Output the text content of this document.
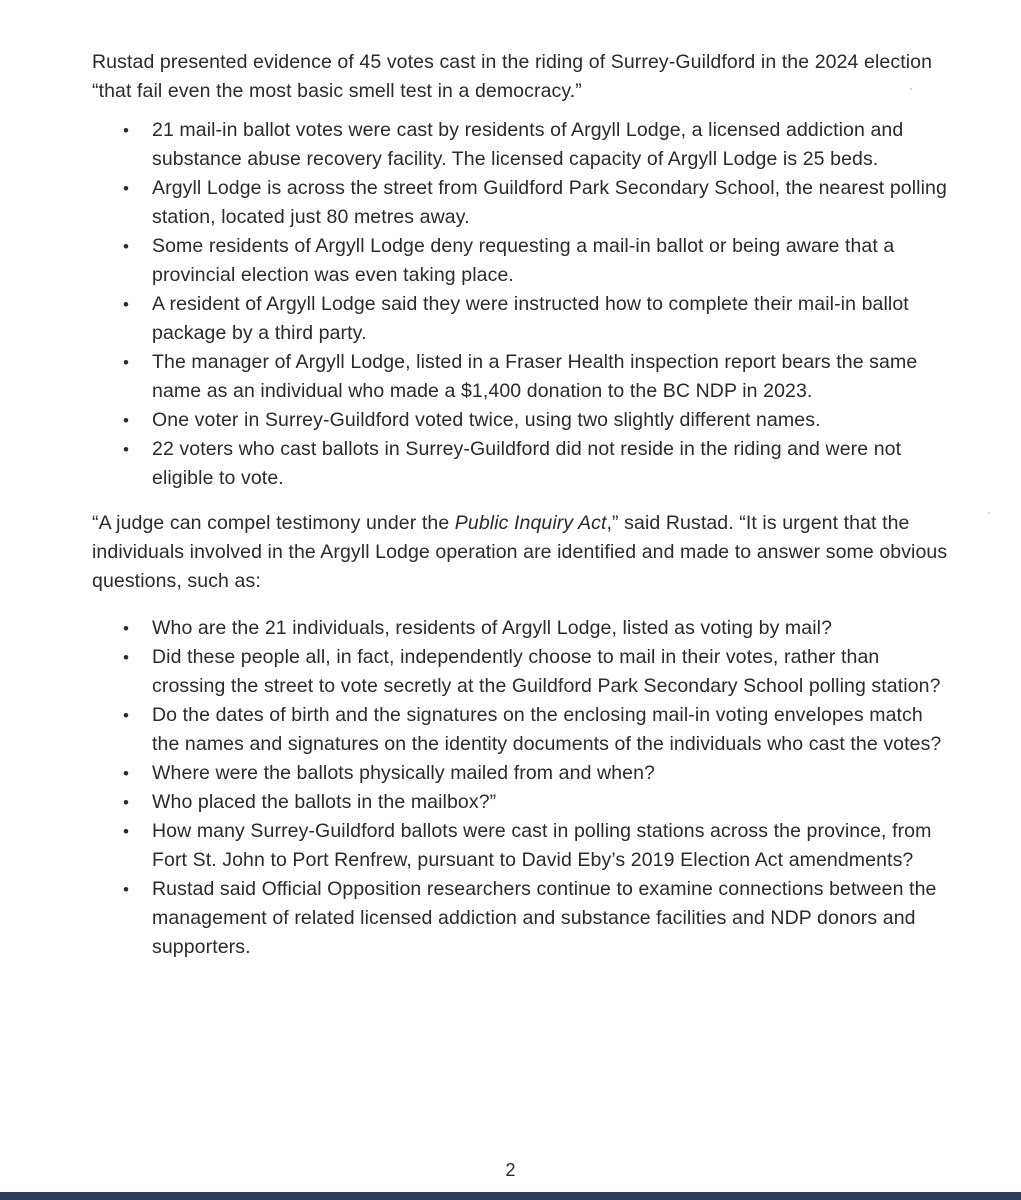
Rustad presented evidence of 45 votes cast in the riding of Surrey-Guildford in the 2024 election “that fail even the most basic smell test in a democracy.”

• 21 mail-in ballot votes were cast by residents of Argyll Lodge, a licensed addiction and substance abuse recovery facility. The licensed capacity of Argyll Lodge is 25 beds.
• Argyll Lodge is across the street from Guildford Park Secondary School, the nearest polling station, located just 80 metres away.
• Some residents of Argyll Lodge deny requesting a mail-in ballot or being aware that a provincial election was even taking place.
• A resident of Argyll Lodge said they were instructed how to complete their mail-in ballot package by a third party.
• The manager of Argyll Lodge, listed in a Fraser Health inspection report bears the same name as an individual who made a $1,400 donation to the BC NDP in 2023.
• One voter in Surrey-Guildford voted twice, using two slightly different names.
• 22 voters who cast ballots in Surrey-Guildford did not reside in the riding and were not eligible to vote.

“A judge can compel testimony under the Public Inquiry Act,” said Rustad. “It is urgent that the individuals involved in the Argyll Lodge operation are identified and made to answer some obvious questions, such as:

• Who are the 21 individuals, residents of Argyll Lodge, listed as voting by mail?
• Did these people all, in fact, independently choose to mail in their votes, rather than crossing the street to vote secretly at the Guildford Park Secondary School polling station?
• Do the dates of birth and the signatures on the enclosing mail-in voting envelopes match the names and signatures on the identity documents of the individuals who cast the votes?
• Where were the ballots physically mailed from and when?
• Who placed the ballots in the mailbox?”
• How many Surrey-Guildford ballots were cast in polling stations across the province, from Fort St. John to Port Renfrew, pursuant to David Eby’s 2019 Election Act amendments?
• Rustad said Official Opposition researchers continue to examine connections between the management of related licensed addiction and substance facilities and NDP donors and supporters.
2
